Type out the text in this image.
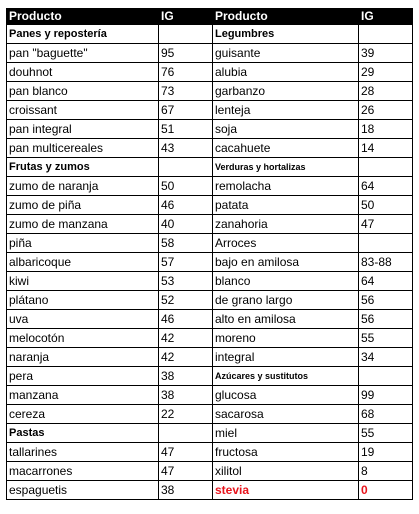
Producto	IG	Producto	IG
Panes y repostería		Legumbres	
pan "baguette"	95	guisante	39
douhnot	76	alubia	29
pan blanco	73	garbanzo	28
croissant	67	lenteja	26
pan integral	51	soja	18
pan multicereales	43	cacahuete	14
Frutas y zumos		Verduras y hortalizas	
zumo de naranja	50	remolacha	64
zumo de piña	46	patata	50
zumo de manzana	40	zanahoria	47
piña	58	Arroces	
albaricoque	57	bajo en amilosa	83-88
kiwi	53	blanco	64
plátano	52	de grano largo	56
uva	46	alto en amilosa	56
melocotón	42	moreno	55
naranja	42	integral	34
pera	38	Azúcares y sustitutos	
manzana	38	glucosa	99
cereza	22	sacarosa	68
Pastas		miel	55
tallarines	47	fructosa	19
macarrones	47	xilitol	8
espaguetis	38	stevia	0
